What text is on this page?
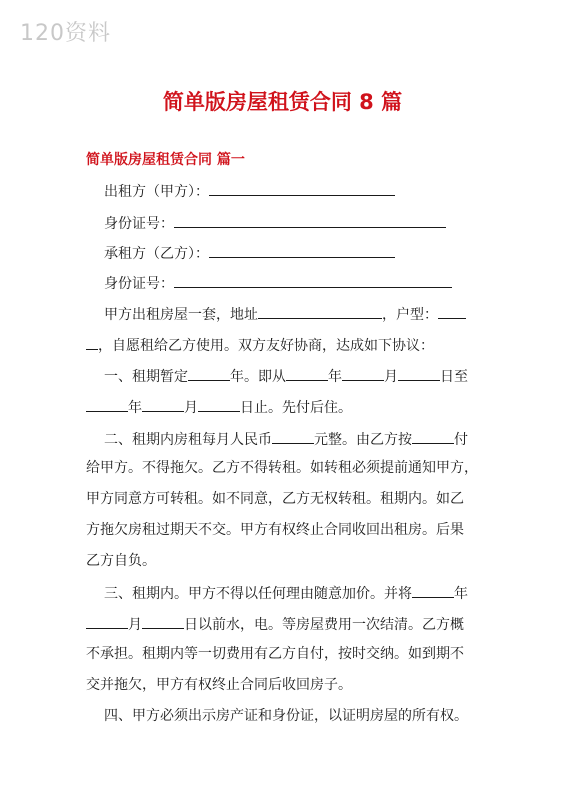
120资料
简单版房屋租赁合同 8 篇
简单版房屋租赁合同 篇一
出租方（甲方）：
身份证号：
承租方（乙方）：
身份证号：
甲方出租房屋一套，地址	，户型：
，自愿租给乙方使用。双方友好协商，达成如下协议：
一、租期暂定	年。即从	年	月	日至
年	月	日止。先付后住。
二、租期内房租每月人民币	元整。由乙方按	付
给甲方。不得拖欠。乙方不得转租。如转租必须提前通知甲方，
甲方同意方可转租。如不同意，乙方无权转租。租期内。如乙
方拖欠房租过期天不交。甲方有权终止合同收回出租房。后果
乙方自负。
三、租期内。甲方不得以任何理由随意加价。并将	年
月	日以前水，电。等房屋费用一次结清。乙方概
不承担。租期内等一切费用有乙方自付，按时交纳。如到期不
交并拖欠，甲方有权终止合同后收回房子。
四、甲方必须出示房产证和身份证，以证明房屋的所有权。
